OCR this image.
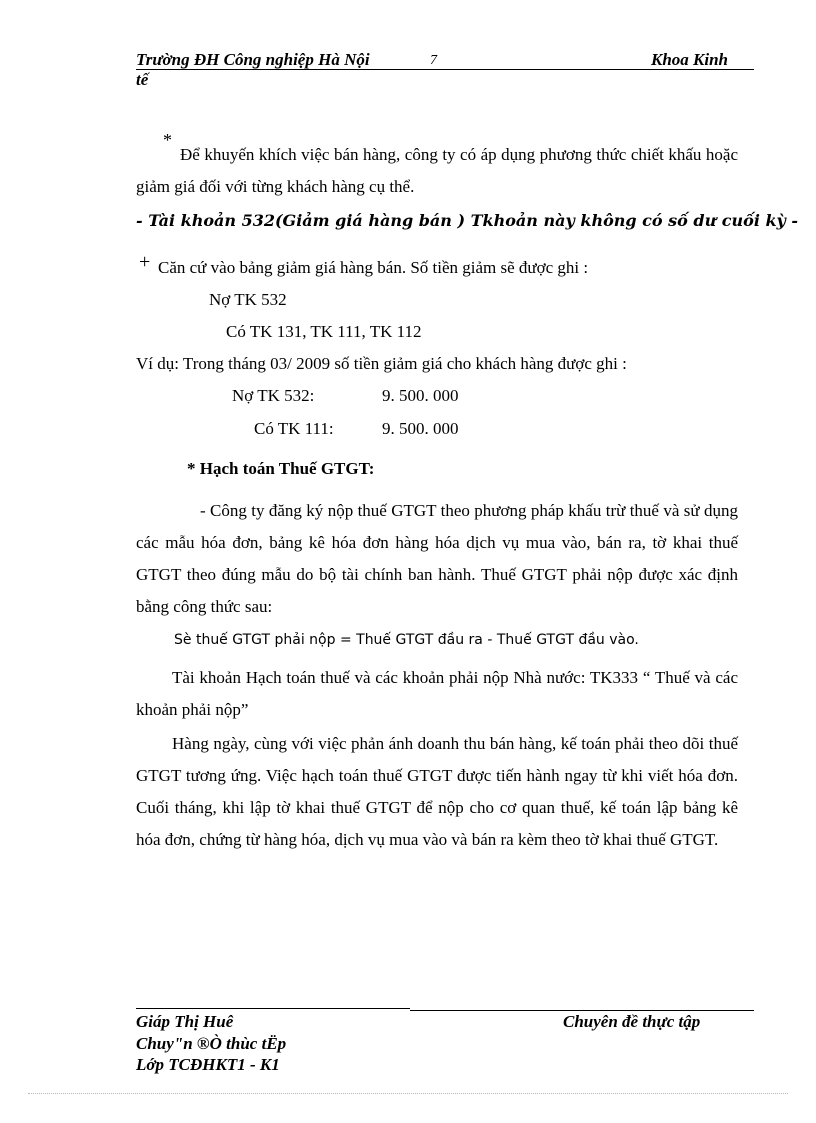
Trường ĐH Công nghiệp Hà Nội	7	Khoa Kinh
tế
*
Để khuyến khích việc bán hàng, công ty có áp dụng phương thức chiết khấu hoặc giảm giá đối với từng khách hàng cụ thể.
- Tài khoản 532(Giảm giá hàng bán ) Tkhoản này không có số dư cuối kỳ -
+ Căn cứ vào bảng giảm giá hàng bán. Số tiền giảm sẽ được ghi :
Nợ TK 532
Có TK 131, TK 111, TK 112
Ví dụ: Trong tháng 03/ 2009 số tiền giảm giá cho khách hàng được ghi :
Nợ TK 532:	9. 500. 000
Có TK 111:	9. 500. 000
* Hạch toán Thuế GTGT:
- Công ty đăng ký nộp thuế GTGT theo phương pháp khấu trừ thuế và sử dụng các mẫu hóa đơn, bảng kê hóa đơn hàng hóa dịch vụ mua vào, bán ra, tờ khai thuế GTGT theo đúng mẫu do bộ tài chính ban hành. Thuế GTGT phải nộp được xác định bằng công thức sau:
Sè thuế GTGT phải nộp = Thuế GTGT đầu ra - Thuế GTGT đầu vào.
Tài khoản Hạch toán thuế và các khoản phải nộp Nhà nước: TK333 “ Thuế và các khoản phải nộp”
Hàng ngày, cùng với việc phản ánh doanh thu bán hàng, kế toán phải theo dõi thuế GTGT tương ứng. Việc hạch toán thuế GTGT được tiến hành ngay từ khi viết hóa đơn. Cuối tháng, khi lập tờ khai thuế GTGT để nộp cho cơ quan thuế, kế toán lập bảng kê hóa đơn, chứng từ hàng hóa, dịch vụ mua vào và bán ra kèm theo tờ khai thuế GTGT.
Giáp Thị Huê	Chuyên đề thực tập
Chuy"n ®Ò thùc tËp
Lớp TCĐHKT1 - K1
